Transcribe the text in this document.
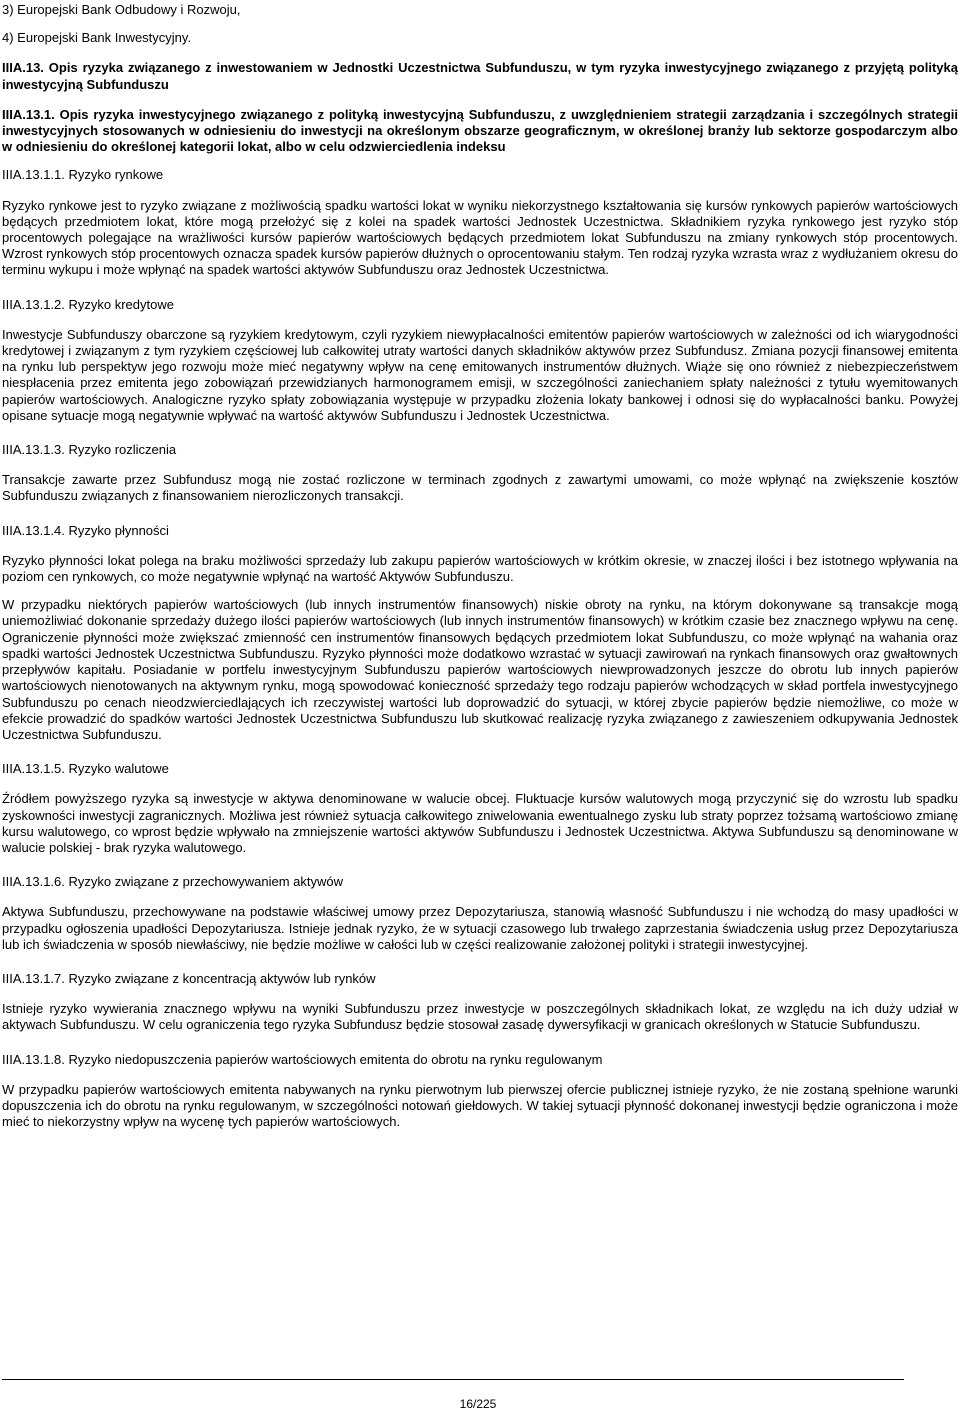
3) Europejski Bank Odbudowy i Rozwoju,
4) Europejski Bank Inwestycyjny.
IIIA.13. Opis ryzyka związanego z inwestowaniem w Jednostki Uczestnictwa Subfunduszu, w tym ryzyka inwestycyjnego związanego z przyjętą polityką inwestycyjną Subfunduszu
IIIA.13.1. Opis ryzyka inwestycyjnego związanego z polityką inwestycyjną Subfunduszu, z uwzględnieniem strategii zarządzania i szczególnych strategii inwestycyjnych stosowanych w odniesieniu do inwestycji na określonym obszarze geograficznym, w określonej branży lub sektorze gospodarczym albo w odniesieniu do określonej kategorii lokat, albo w celu odzwierciedlenia indeksu
IIIA.13.1.1. Ryzyko rynkowe

Ryzyko rynkowe jest to ryzyko związane z możliwością spadku wartości lokat w wyniku niekorzystnego kształtowania się kursów rynkowych papierów wartościowych będących przedmiotem lokat, które mogą przełożyć się z kolei na spadek wartości Jednostek Uczestnictwa. Składnikiem ryzyka rynkowego jest ryzyko stóp procentowych polegające na wrażliwości kursów papierów wartościowych będących przedmiotem lokat Subfunduszu na zmiany rynkowych stóp procentowych. Wzrost rynkowych stóp procentowych oznacza spadek kursów papierów dłużnych o oprocentowaniu stałym. Ten rodzaj ryzyka wzrasta wraz z wydłużaniem okresu do terminu wykupu i może wpłynąć na spadek wartości aktywów Subfunduszu oraz Jednostek Uczestnictwa.

IIIA.13.1.2. Ryzyko kredytowe

Inwestycje Subfunduszy obarczone są ryzykiem kredytowym, czyli ryzykiem niewypłacalności emitentów papierów wartościowych w zależności od ich wiarygodności kredytowej i związanym z tym ryzykiem częściowej lub całkowitej utraty wartości danych składników aktywów przez Subfundusz. Zmiana pozycji finansowej emitenta na rynku lub perspektyw jego rozwoju może mieć negatywny wpływ na cenę emitowanych instrumentów dłużnych. Wiąże się ono również z niebezpieczeństwem niespłacenia przez emitenta jego zobowiązań przewidzianych harmonogramem emisji, w szczególności zaniechaniem spłaty należności z tytułu wyemitowanych papierów wartościowych. Analogiczne ryzyko spłaty zobowiązania występuje w przypadku złożenia lokaty bankowej i odnosi się do wypłacalności banku. Powyżej opisane sytuacje mogą negatywnie wpływać na wartość aktywów Subfunduszu i Jednostek Uczestnictwa.

IIIA.13.1.3. Ryzyko rozliczenia

Transakcje zawarte przez Subfundusz mogą nie zostać rozliczone w terminach zgodnych z zawartymi umowami, co może wpłynąć na zwiększenie kosztów Subfunduszu związanych z finansowaniem nierozliczonych transakcji.

IIIA.13.1.4. Ryzyko płynności

Ryzyko płynności lokat polega na braku możliwości sprzedaży lub zakupu papierów wartościowych w krótkim okresie, w znaczej ilości i bez istotnego wpływania na poziom cen rynkowych, co może negatywnie wpłynąć na wartość Aktywów Subfunduszu.

W przypadku niektórych papierów wartościowych (lub innych instrumentów finansowych) niskie obroty na rynku, na którym dokonywane są transakcje mogą uniemożliwiać dokonanie sprzedaży dużego ilości papierów wartościowych (lub innych instrumentów finansowych) w krótkim czasie bez znacznego wpływu na cenę. Ograniczenie płynności może zwiększać zmienność cen instrumentów finansowych będących przedmiotem lokat Subfunduszu, co może wpłynąć na wahania oraz spadki wartości Jednostek Uczestnictwa Subfunduszu. Ryzyko płynności może dodatkowo wzrastać w sytuacji zawirowań na rynkach finansowych oraz gwałtownych przepływów kapitału. Posiadanie w portfelu inwestycyjnym Subfunduszu papierów wartościowych niewprowadzonych jeszcze do obrotu lub innych papierów wartościowych nienotowanych na aktywnym rynku, mogą spowodować konieczność sprzedaży tego rodzaju papierów wchodzących w skład portfela inwestycyjnego Subfunduszu po cenach nieodzwierciedlających ich rzeczywistej wartości lub doprowadzić do sytuacji, w której zbycie papierów będzie niemożliwe, co może w efekcie prowadzić do spadków wartości Jednostek Uczestnictwa Subfunduszu lub skutkować realizację ryzyka związanego z zawieszeniem odkupywania Jednostek Uczestnictwa Subfunduszu.

IIIA.13.1.5. Ryzyko walutowe

Źródłem powyższego ryzyka są inwestycje w aktywa denominowane w walucie obcej. Fluktuacje kursów walutowych mogą przyczynić się do wzrostu lub spadku zyskowności inwestycji zagranicznych. Możliwa jest również sytuacja całkowitego zniwelowania ewentualnego zysku lub straty poprzez tożsamą wartościowo zmianę kursu walutowego, co wprost będzie wpływało na zmniejszenie wartości aktywów Subfunduszu i Jednostek Uczestnictwa. Aktywa Subfunduszu są denominowane w walucie polskiej - brak ryzyka walutowego.

IIIA.13.1.6. Ryzyko związane z przechowywaniem aktywów

Aktywa Subfunduszu, przechowywane na podstawie właściwej umowy przez Depozytariusza, stanowią własność Subfunduszu i nie wchodzą do masy upadłości w przypadku ogłoszenia upadłości Depozytariusza. Istnieje jednak ryzyko, że w sytuacji czasowego lub trwałego zaprzestania świadczenia usług przez Depozytariusza lub ich świadczenia w sposób niewłaściwy, nie będzie możliwe w całości lub w części realizowanie założonej polityki i strategii inwestycyjnej.

IIIA.13.1.7. Ryzyko związane z koncentracją aktywów lub rynków

Istnieje ryzyko wywierania znacznego wpływu na wyniki Subfunduszu przez inwestycje w poszczególnych składnikach lokat, ze względu na ich duży udział w aktywach Subfunduszu. W celu ograniczenia tego ryzyka Subfundusz będzie stosował zasadę dywersyfikacji w granicach określonych w Statucie Subfunduszu.

IIIA.13.1.8. Ryzyko niedopuszczenia papierów wartościowych emitenta do obrotu na rynku regulowanym

W przypadku papierów wartościowych emitenta nabywanych na rynku pierwotnym lub pierwszej ofercie publicznej istnieje ryzyko, że nie zostaną spełnione warunki dopuszczenia ich do obrotu na rynku regulowanym, w szczególności notowań giełdowych. W takiej sytuacji płynność dokonanej inwestycji będzie ograniczona i może mieć to niekorzystny wpływ na wycenę tych papierów wartościowych.

16/225
